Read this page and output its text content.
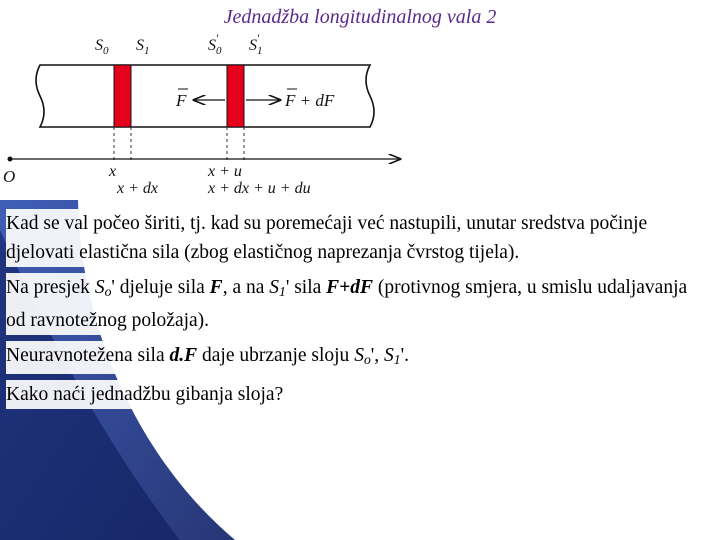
Jednadžba longitudinalnog vala 2
$S_0$ $S_1$	$S_0'$ $S_1'$
F	F + dF
O	x
x + dx
x + u
x + dx + u + du

Kad se val počeo širiti, tj. kad su poremećaji već nastupili, unutar sredstva počinje djelovati elastična sila (zbog elastičnog naprezanja čvrstog tijela).

Na presjek $S_o'$ djeluje sila F, a na $S_1'$ sila F+dF (protivnog smjera, u smislu udaljavanja od ravnotežnog položaja).

Neuravnotežena sila d.F daje ubrzanje sloju $S_o'$, $S_1'$.

Kako naći jednadžbu gibanja sloja?
